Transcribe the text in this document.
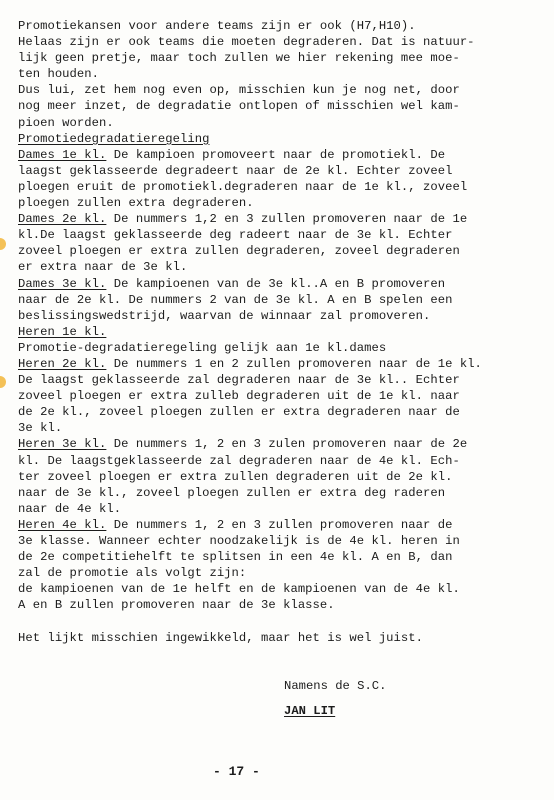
Promotiekansen voor andere teams zijn er ook (H7,H10).
Helaas zijn er ook teams die moeten degraderen. Dat is natuur-
lijk geen pretje, maar toch zullen we hier rekening mee moe-
ten houden.
Dus lui, zet hem nog even op, misschien kun je nog net, door
nog meer inzet, de degradatie ontlopen of misschien wel kam-
pioen worden.
Promotiedegradatieregeling
Dames 1e kl. De kampioen promoveert naar de promotiekl. De
laagst geklasseerde degradeert naar de 2e kl. Echter zoveel
ploegen eruit de promotiekl.degraderen naar de 1e kl., zoveel
ploegen zullen extra degraderen.
Dames 2e kl. De nummers 1,2 en 3 zullen promoveren naar de 1e
kl.De laagst geklasseerde deg radeert naar de 3e kl. Echter
zoveel ploegen er extra zullen degraderen, zoveel degraderen
er extra naar de 3e kl.
Dames 3e kl. De kampioenen van de 3e kl..A en B promoveren
naar de 2e kl. De nummers 2 van de 3e kl. A en B spelen een
beslissingswedstrijd, waarvan de winnaar zal promoveren.
Heren 1e kl.
Promotie-degradatieregeling gelijk aan 1e kl.dames
Heren 2e kl. De nummers 1 en 2 zullen promoveren naar de 1e kl.
De laagst geklasseerde zal degraderen naar de 3e kl.. Echter
zoveel ploegen er extra zulleb degraderen uit de 1e kl. naar
de 2e kl., zoveel ploegen zullen er extra degraderen naar de
3e kl.
Heren 3e kl. De nummers 1, 2 en 3 zulen promoveren naar de 2e
kl. De laagstgeklasseerde zal degraderen naar de 4e kl. Ech-
ter zoveel ploegen er extra zullen degraderen uit de 2e kl.
naar de 3e kl., zoveel ploegen zullen er extra deg raderen
naar de 4e kl.
Heren 4e kl. De nummers 1, 2 en 3 zullen promoveren naar de
3e klasse. Wanneer echter noodzakelijk is de 4e kl. heren in
de 2e competitiehelft te splitsen in een 4e kl. A en B, dan
zal de promotie als volgt zijn:
de kampioenen van de 1e helft en de kampioenen van de 4e kl.
A en B zullen promoveren naar de 3e klasse.
Het lijkt misschien ingewikkeld, maar het is wel juist.
Namens de S.C.
JAN LIT
- 17 -
